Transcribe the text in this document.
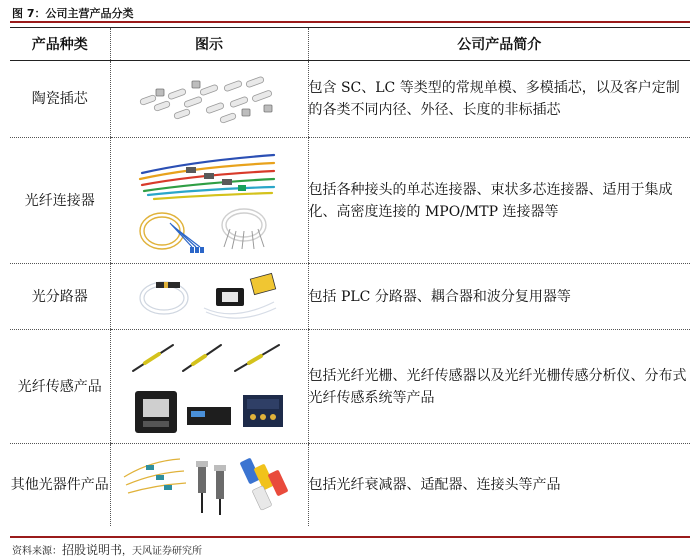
图 7：公司主营产品分类
产品种类	图示	公司产品简介
陶瓷插芯		包含 SC、LC 等类型的常规单模、多模插芯，以及客户定制的各类不同内径、外径、长度的非标插芯
光纤连接器		包括各种接头的单芯连接器、束状多芯连接器、适用于集成化、高密度连接的 MPO/MTP 连接器等
光分路器		包括 PLC 分路器、耦合器和波分复用器等
光纤传感产品		包括光纤光栅、光纤传感器以及光纤光栅传感分析仪、分布式光纤传感系统等产品
其他光器件产品		包括光纤衰减器、适配器、连接头等产品
资料来源：招股说明书，天风证券研究所
